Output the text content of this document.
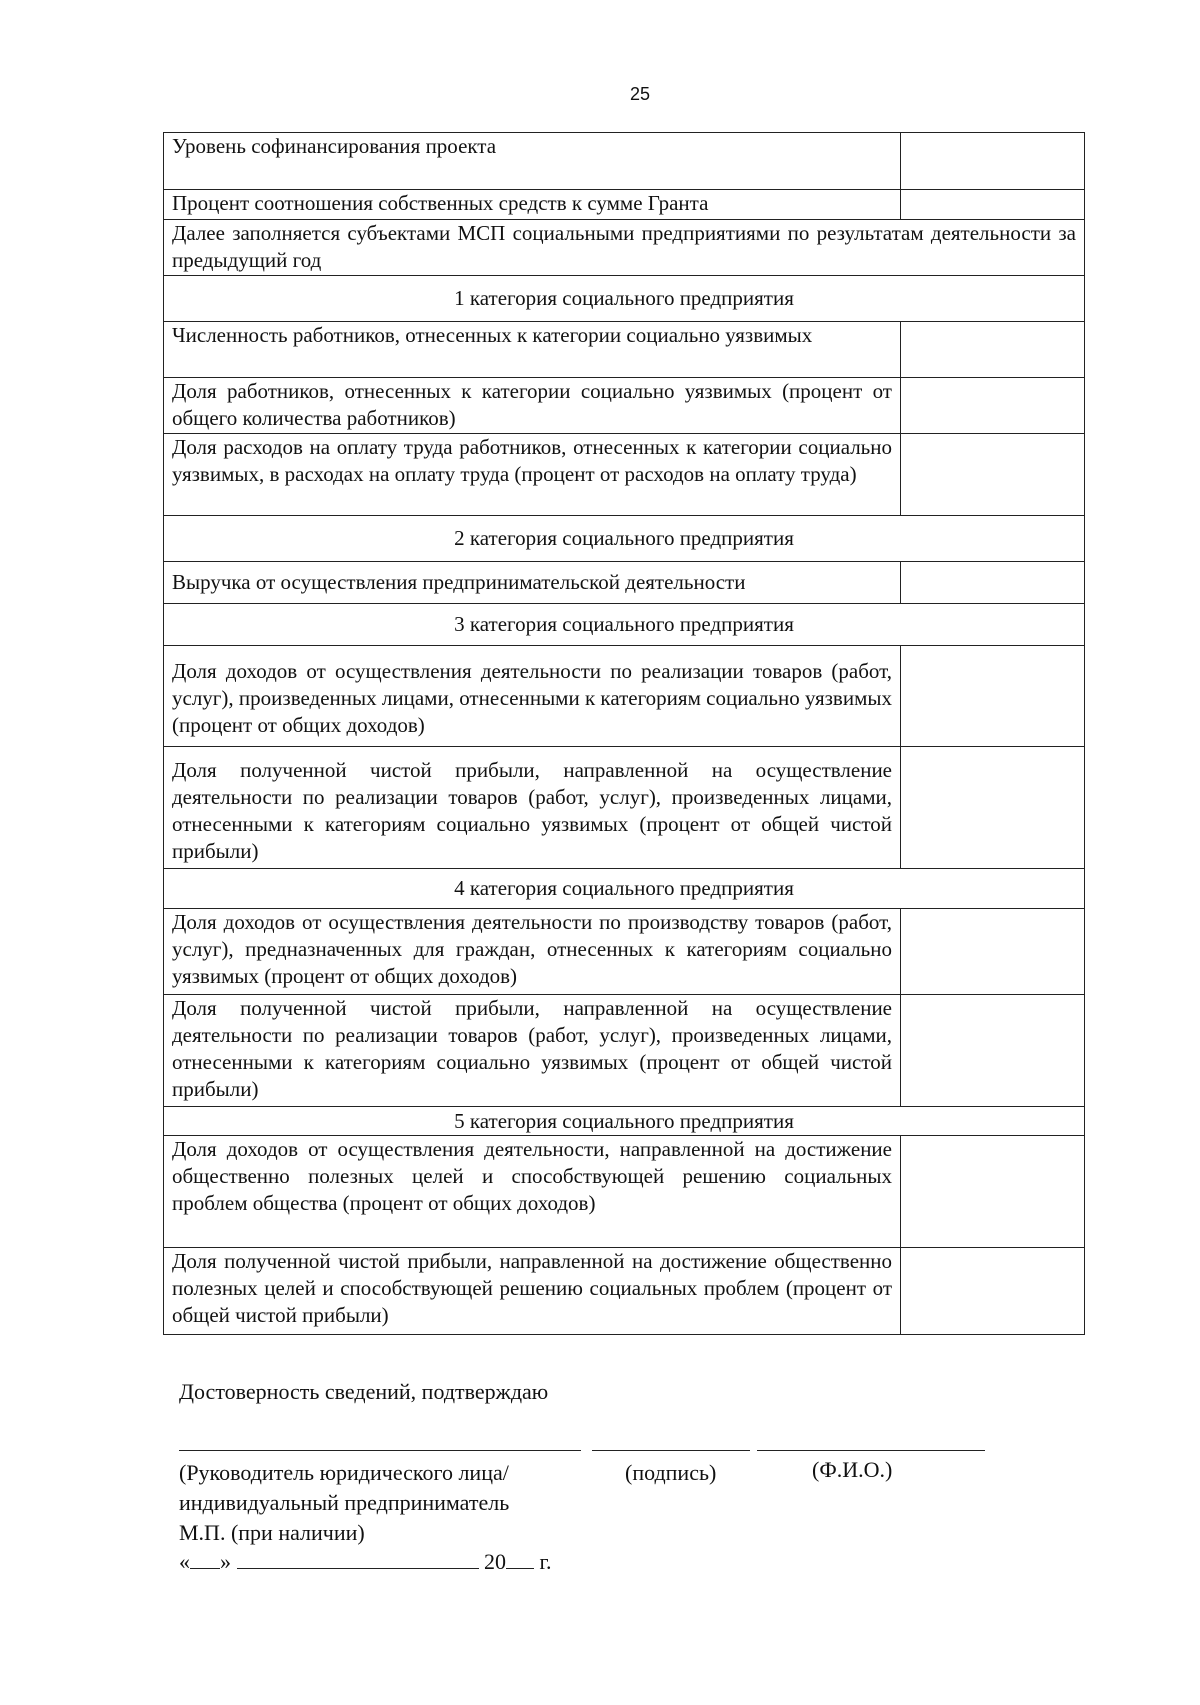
25
Уровень софинансирования проекта	
Процент соотношения собственных средств к сумме Гранта	
Далее заполняется субъектами МСП социальными предприятиями по результатам деятельности за предыдущий год	
1 категория социального предприятия	
Численность работников, отнесенных к категории социально уязвимых	
Доля работников, отнесенных к категории социально уязвимых (процент от общего количества работников)	
Доля расходов на оплату труда работников, отнесенных к категории социально уязвимых, в расходах на оплату труда (процент от расходов на оплату труда)	
2 категория социального предприятия	
Выручка от осуществления предпринимательской деятельности	
3 категория социального предприятия	
Доля доходов от осуществления деятельности по реализации товаров (работ, услуг), произведенных лицами, отнесенными к категориям социально уязвимых (процент от общих доходов)	
Доля полученной чистой прибыли, направленной на осуществление деятельности по реализации товаров (работ, услуг), произведенных лицами, отнесенными к категориям социально уязвимых (процент от общей чистой прибыли)	
4 категория социального предприятия	
Доля доходов от осуществления деятельности по производству товаров (работ, услуг), предназначенных для граждан, отнесенных к категориям социально уязвимых (процент от общих доходов)	
Доля полученной чистой прибыли, направленной на осуществление деятельности по реализации товаров (работ, услуг), произведенных лицами, отнесенными к категориям социально уязвимых (процент от общей чистой прибыли)	
5 категория социального предприятия	
Доля доходов от осуществления деятельности, направленной на достижение общественно полезных целей и способствующей решению социальных проблем общества (процент от общих доходов)	
Доля полученной чистой прибыли, направленной на достижение общественно полезных целей и способствующей решению социальных проблем (процент от общей чистой прибыли)	
Достоверность сведений, подтверждаю
(Руководитель юридического лица/	(подпись)	(Ф.И.О.)
индивидуальный предприниматель
М.П. (при наличии)
« »	20 г.
